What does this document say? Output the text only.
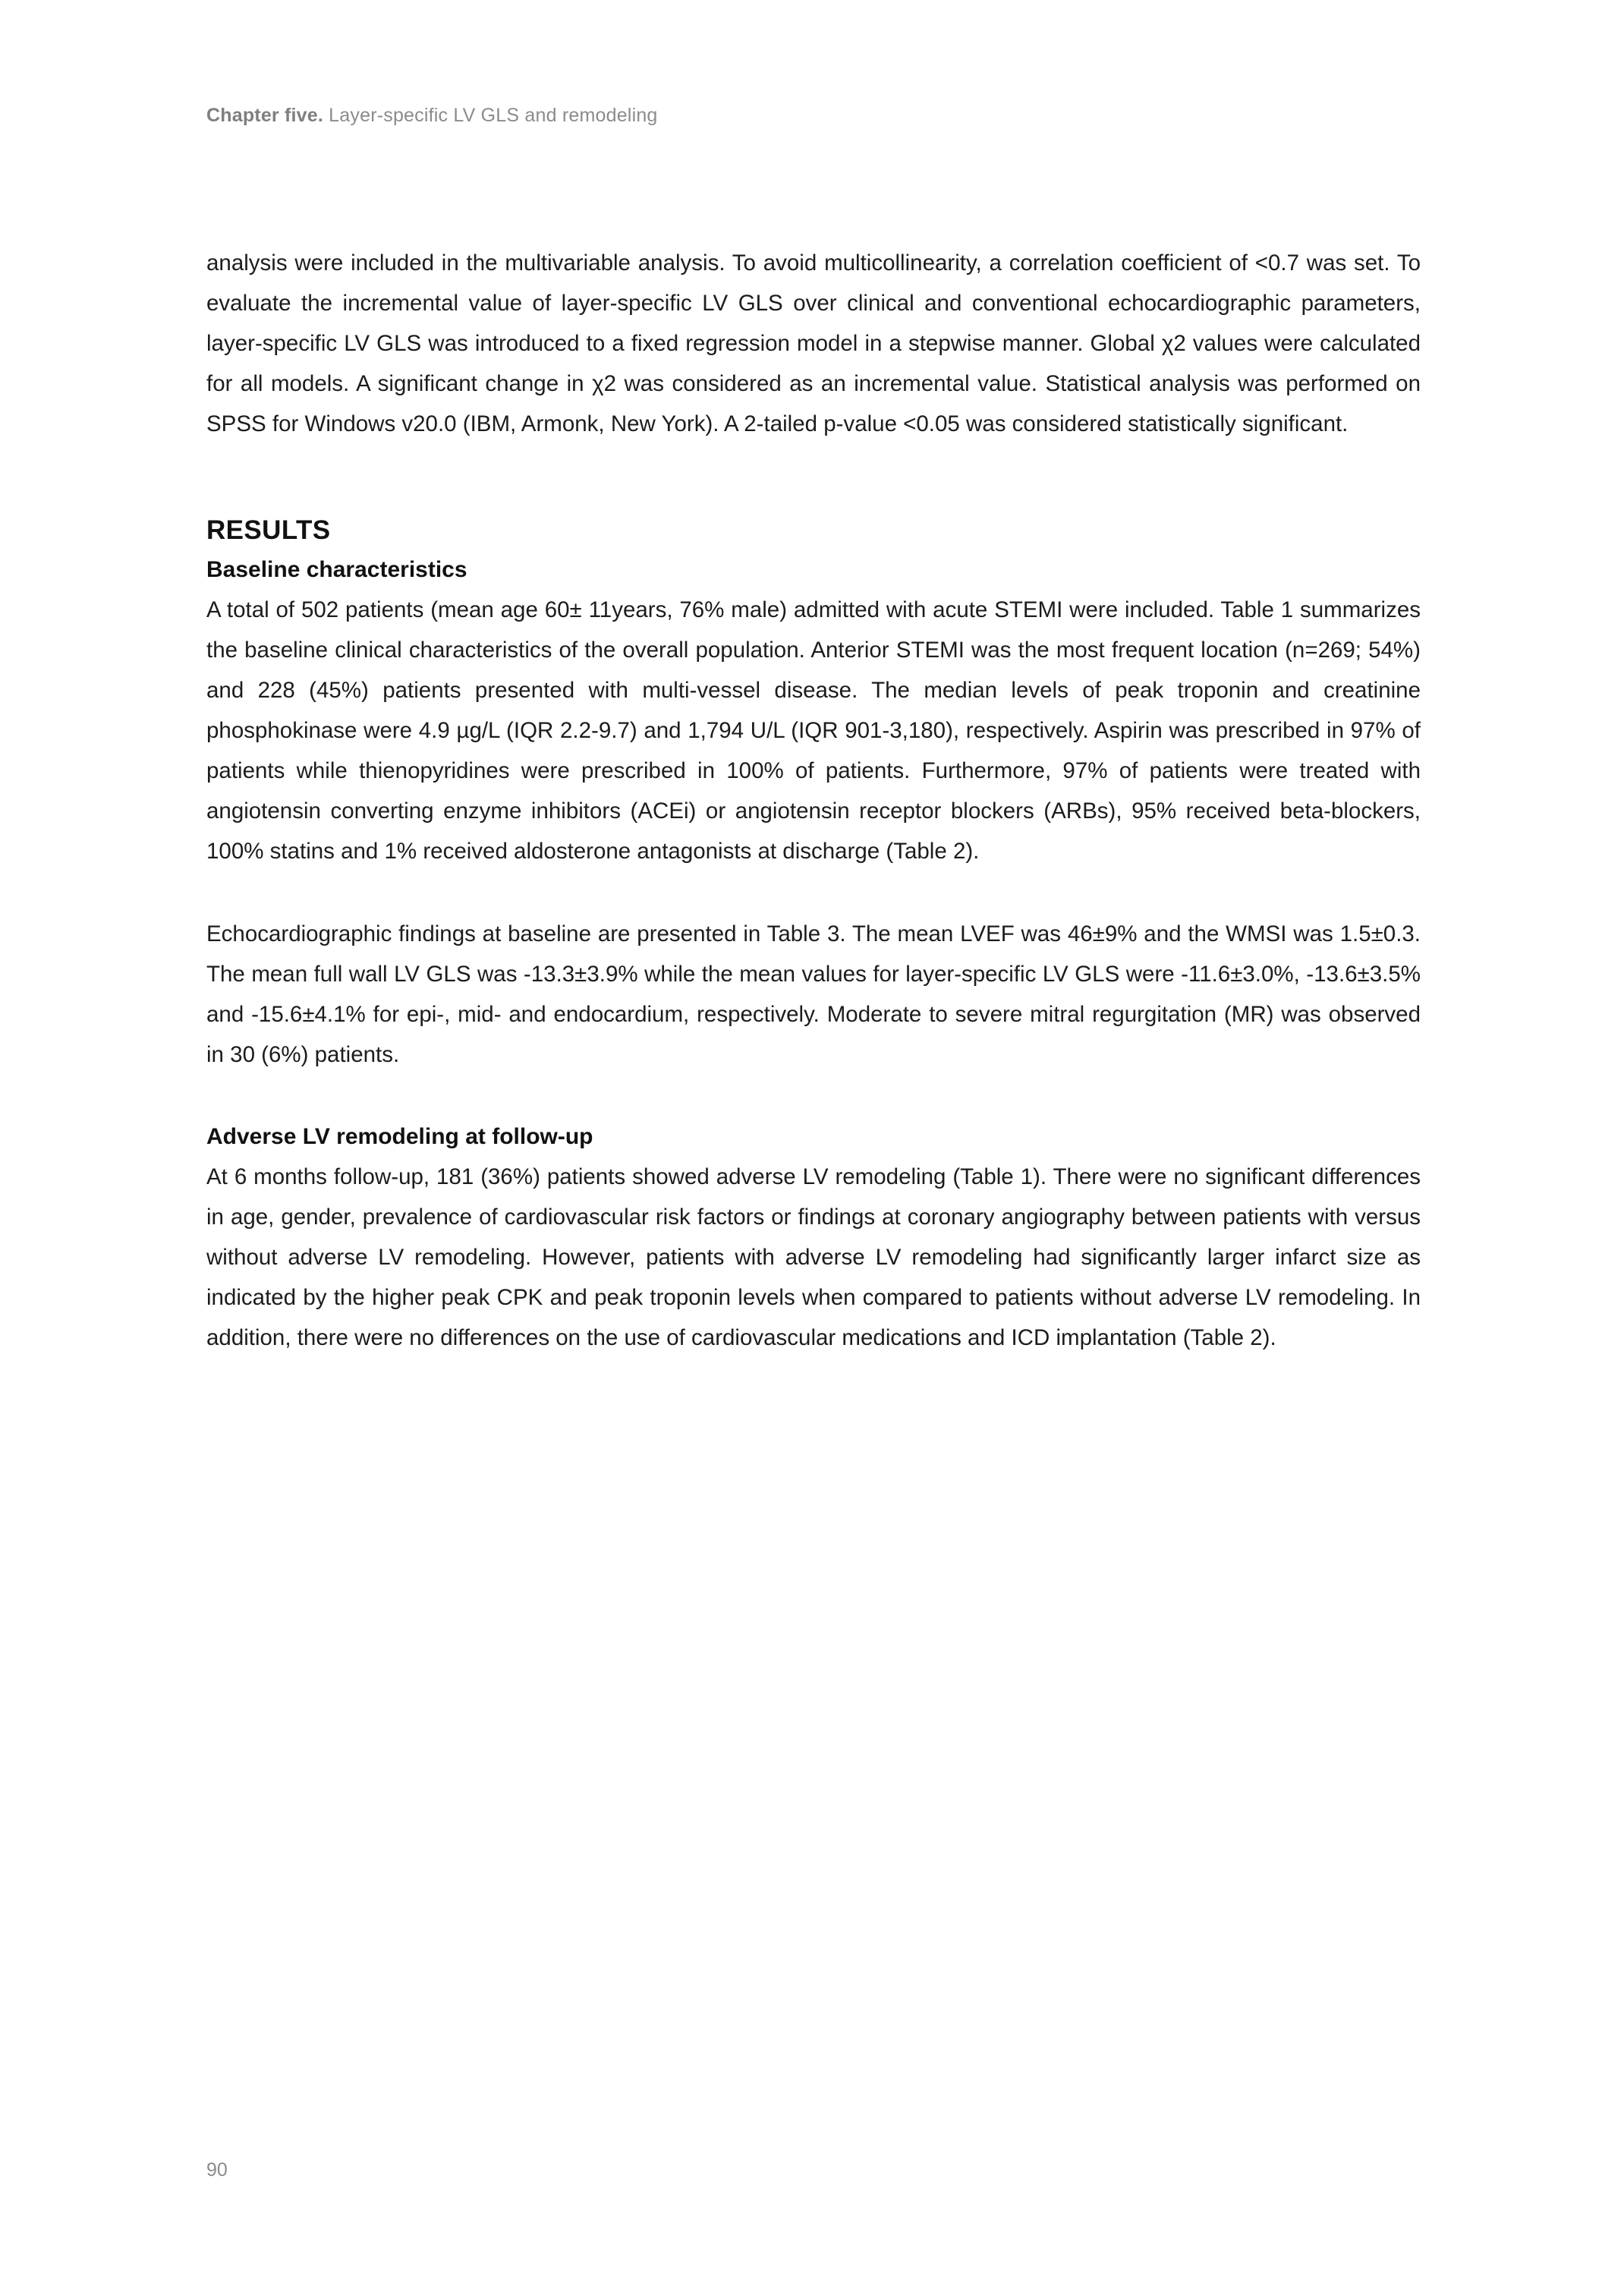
Chapter five. Layer-specific LV GLS and remodeling

analysis were included in the multivariable analysis. To avoid multicollinearity, a correlation coefficient of <0.7 was set. To evaluate the incremental value of layer-specific LV GLS over clinical and conventional echocardiographic parameters, layer-specific LV GLS was introduced to a fixed regression model in a stepwise manner. Global χ2 values were calculated for all models. A significant change in χ2 was considered as an incremental value. Statistical analysis was performed on SPSS for Windows v20.0 (IBM, Armonk, New York). A 2-tailed p-value <0.05 was considered statistically significant.

RESULTS
Baseline characteristics

A total of 502 patients (mean age 60± 11years, 76% male) admitted with acute STEMI were included. Table 1 summarizes the baseline clinical characteristics of the overall population. Anterior STEMI was the most frequent location (n=269; 54%) and 228 (45%) patients presented with multi-vessel disease. The median levels of peak troponin and creatinine phosphokinase were 4.9 µg/L (IQR 2.2-9.7) and 1,794 U/L (IQR 901-3,180), respectively. Aspirin was prescribed in 97% of patients while thienopyridines were prescribed in 100% of patients. Furthermore, 97% of patients were treated with angiotensin converting enzyme inhibitors (ACEi) or angiotensin receptor blockers (ARBs), 95% received beta-blockers, 100% statins and 1% received aldosterone antagonists at discharge (Table 2).

Echocardiographic findings at baseline are presented in Table 3. The mean LVEF was 46±9% and the WMSI was 1.5±0.3. The mean full wall LV GLS was -13.3±3.9% while the mean values for layer-specific LV GLS were -11.6±3.0%, -13.6±3.5% and -15.6±4.1% for epi-, mid- and endocardium, respectively. Moderate to severe mitral regurgitation (MR) was observed in 30 (6%) patients.

Adverse LV remodeling at follow-up

At 6 months follow-up, 181 (36%) patients showed adverse LV remodeling (Table 1). There were no significant differences in age, gender, prevalence of cardiovascular risk factors or findings at coronary angiography between patients with versus without adverse LV remodeling. However, patients with adverse LV remodeling had significantly larger infarct size as indicated by the higher peak CPK and peak troponin levels when compared to patients without adverse LV remodeling. In addition, there were no differences on the use of cardiovascular medications and ICD implantation (Table 2).

90
